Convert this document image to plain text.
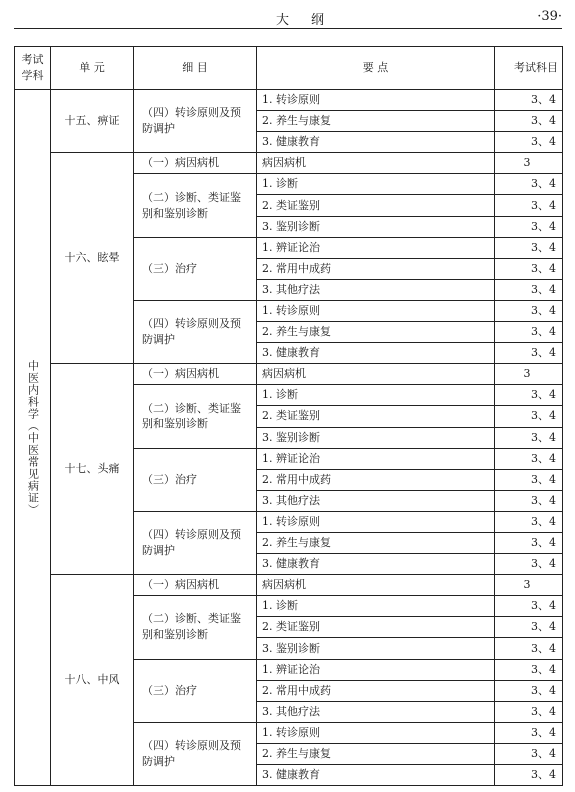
大纲	·39·
考试学科	单 元	细 目	要 点	考试科目

中医内科学（中医常见病证）	十五、痹证	（四）转诊原则及预防调护	1. 转诊原则	3、4
			2. 养生与康复	3、4
			3. 健康教育	3、4
	十六、眩晕	（一）病因病机	病因病机	3
		（二）诊断、类证鉴别和鉴别诊断	1. 诊断	3、4
			2. 类证鉴别	3、4
			3. 鉴别诊断	3、4
		（三）治疗	1. 辨证论治	3、4
			2. 常用中成药	3、4
			3. 其他疗法	3、4
		（四）转诊原则及预防调护	1. 转诊原则	3、4
			2. 养生与康复	3、4
			3. 健康教育	3、4
	十七、头痛	（一）病因病机	病因病机	3
		（二）诊断、类证鉴别和鉴别诊断	1. 诊断	3、4
			2. 类证鉴别	3、4
			3. 鉴别诊断	3、4
		（三）治疗	1. 辨证论治	3、4
			2. 常用中成药	3、4
			3. 其他疗法	3、4
		（四）转诊原则及预防调护	1. 转诊原则	3、4
			2. 养生与康复	3、4
			3. 健康教育	3、4
	十八、中风	（一）病因病机	病因病机	3
		（二）诊断、类证鉴别和鉴别诊断	1. 诊断	3、4
			2. 类证鉴别	3、4
			3. 鉴别诊断	3、4
		（三）治疗	1. 辨证论治	3、4
			2. 常用中成药	3、4
			3. 其他疗法	3、4
		（四）转诊原则及预防调护	1. 转诊原则	3、4
			2. 养生与康复	3、4
			3. 健康教育	3、4
